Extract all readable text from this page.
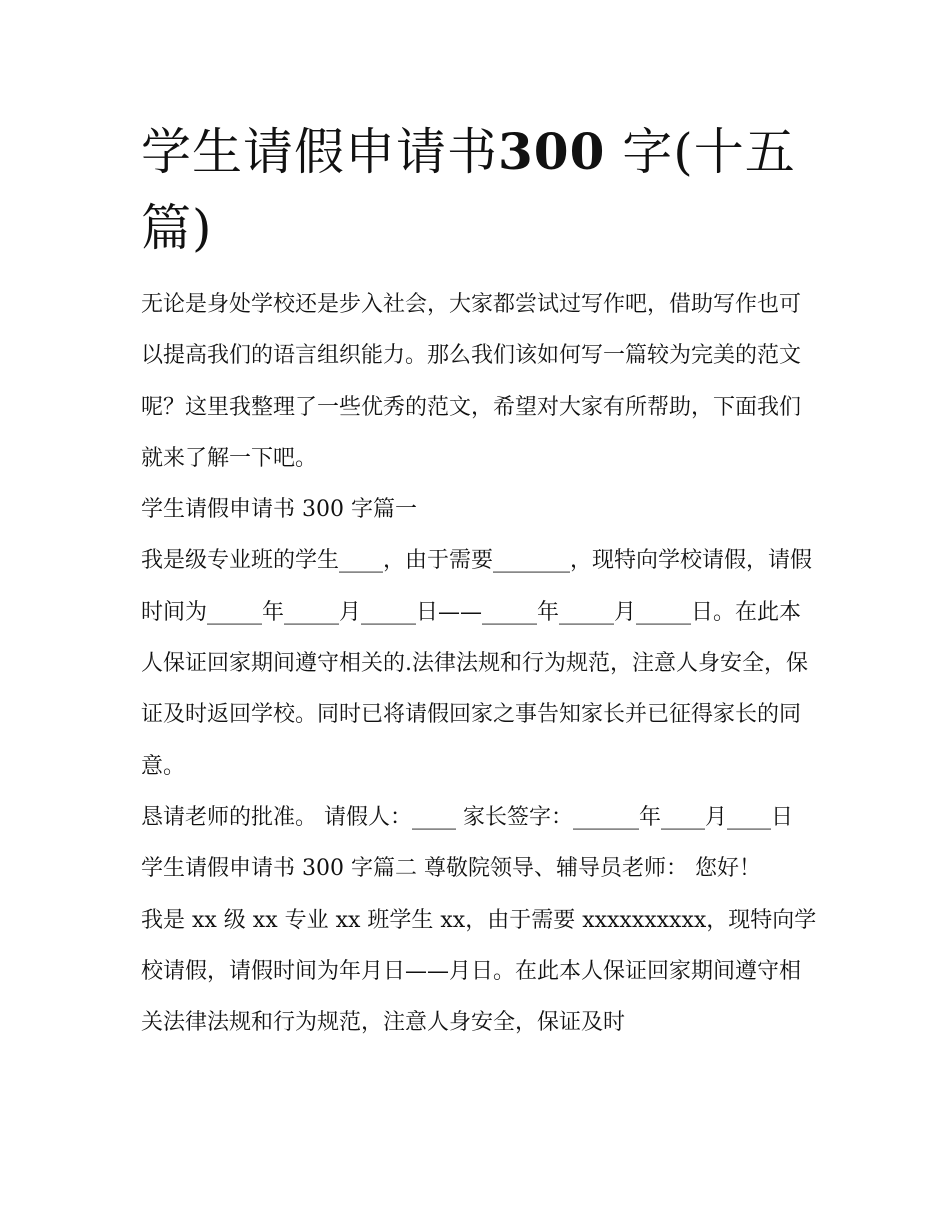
学生请假申请书300 字(十五篇)

无论是身处学校还是步入社会，大家都尝试过写作吧，借助写作也可以提高我们的语言组织能力。那么我们该如何写一篇较为完美的范文呢？这里我整理了一些优秀的范文，希望对大家有所帮助，下面我们就来了解一下吧。

学生请假申请书 300 字篇一

我是级专业班的学生____，由于需要_______，现特向学校请假，请假时间为_____年_____月_____日——_____年_____月_____日。在此本人保证回家期间遵守相关的.法律法规和行为规范，注意人身安全，保证及时返回学校。同时已将请假回家之事告知家长并已征得家长的同意。

恳请老师的批准。 请假人：____ 家长签字：______年____月____日 学生请假申请书 300 字篇二 尊敬院领导、辅导员老师： 您好！

我是 xx 级 xx 专业 xx 班学生 xx，由于需要 xxxxxxxxxx，现特向学校请假，请假时间为年月日——月日。在此本人保证回家期间遵守相关法律法规和行为规范，注意人身安全，保证及时
